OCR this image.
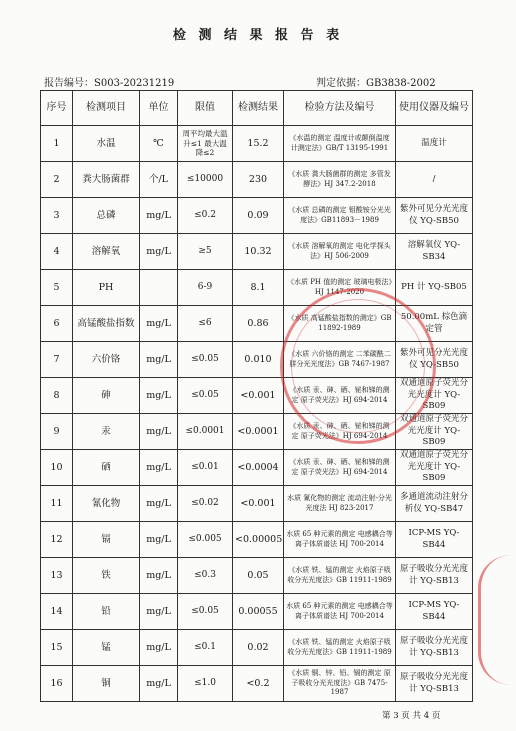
检 测 结 果 报 告 表
报告编号：S003-20231219	判定依据：GB3838-2002
序号	检测项目	单位	限值	检测结果	检验方法及编号	使用仪器及编号
1	水温	℃	周平均最大温升≤1 最大温降≤2	15.2	《水温的测定 温度计或颠倒温度计测定法》GB/T 13195-1991	温度计
2	粪大肠菌群	个/L	≤10000	230	《水质 粪大肠菌群的测定 多管发酵法》HJ 347.2-2018	/
3	总磷	mg/L	≤0.2	0.09	《水质 总磷的测定 钼酸铵分光光度法》GB11893－1989	紫外可见分光光度仪 YQ-SB50
4	溶解氧	mg/L	≥5	10.32	《水质 溶解氧的测定 电化学探头法》HJ 506-2009	溶解氧仪 YQ-SB34
5	PH		6-9	8.1	《水质 PH 值的测定 玻璃电极法》HJ 1147-2020	PH 计 YQ-SB05
6	高锰酸盐指数	mg/L	≤6	0.86	《水质 高锰酸盐指数的测定》GB 11892-1989	50.00mL 棕色滴定管
7	六价铬	mg/L	≤0.05	0.010	《水质 六价铬的测定 二苯碳酰二肼分光光度法》GB 7467-1987	紫外可见分光光度仪 YQ-SB50
8	砷	mg/L	≤0.05	<0.001	《水质 汞、砷、硒、铋和锑的测定 原子荧光法》HJ 694-2014	双通道原子荧光分光光度计 YQ-SB09
9	汞	mg/L	≤0.0001	<0.0001	《水质 汞、砷、硒、铋和锑的测定 原子荧光法》HJ 694-2014	双通道原子荧光分光光度计 YQ-SB09
10	硒	mg/L	≤0.01	<0.0004	《水质 汞、砷、硒、铋和锑的测定 原子荧光法》HJ 694-2014	双通道原子荧光分光光度计 YQ-SB09
11	氰化物	mg/L	≤0.02	<0.001	水质 氰化物的测定 流动注射-分光光度法 HJ 823-2017	多通道流动注射分析仪 YQ-SB47
12	镉	mg/L	≤0.005	<0.00005	水质 65 种元素的测定 电感耦合等离子体质谱法 HJ 700-2014	ICP-MS YQ-SB44
13	铁	mg/L	≤0.3	0.05	《水质 铁、锰的测定 火焰原子吸收分光光度法》GB 11911-1989	原子吸收分光光度计 YQ-SB13
14	铅	mg/L	≤0.05	0.00055	水质 65 种元素的测定 电感耦合等离子体质谱法 HJ 700-2014	ICP-MS YQ-SB44
15	锰	mg/L	≤0.1	0.02	《水质 铁、锰的测定 火焰原子吸收分光光度法》GB 11911-1989	原子吸收分光光度计 YQ-SB13
16	铜	mg/L	≤1.0	<0.2	《水质 铜、锌、铅、镉的测定 原子吸收分光光度法》GB 7475-1987	原子吸收分光光度计 YQ-SB13
第 3 页 共 4 页
